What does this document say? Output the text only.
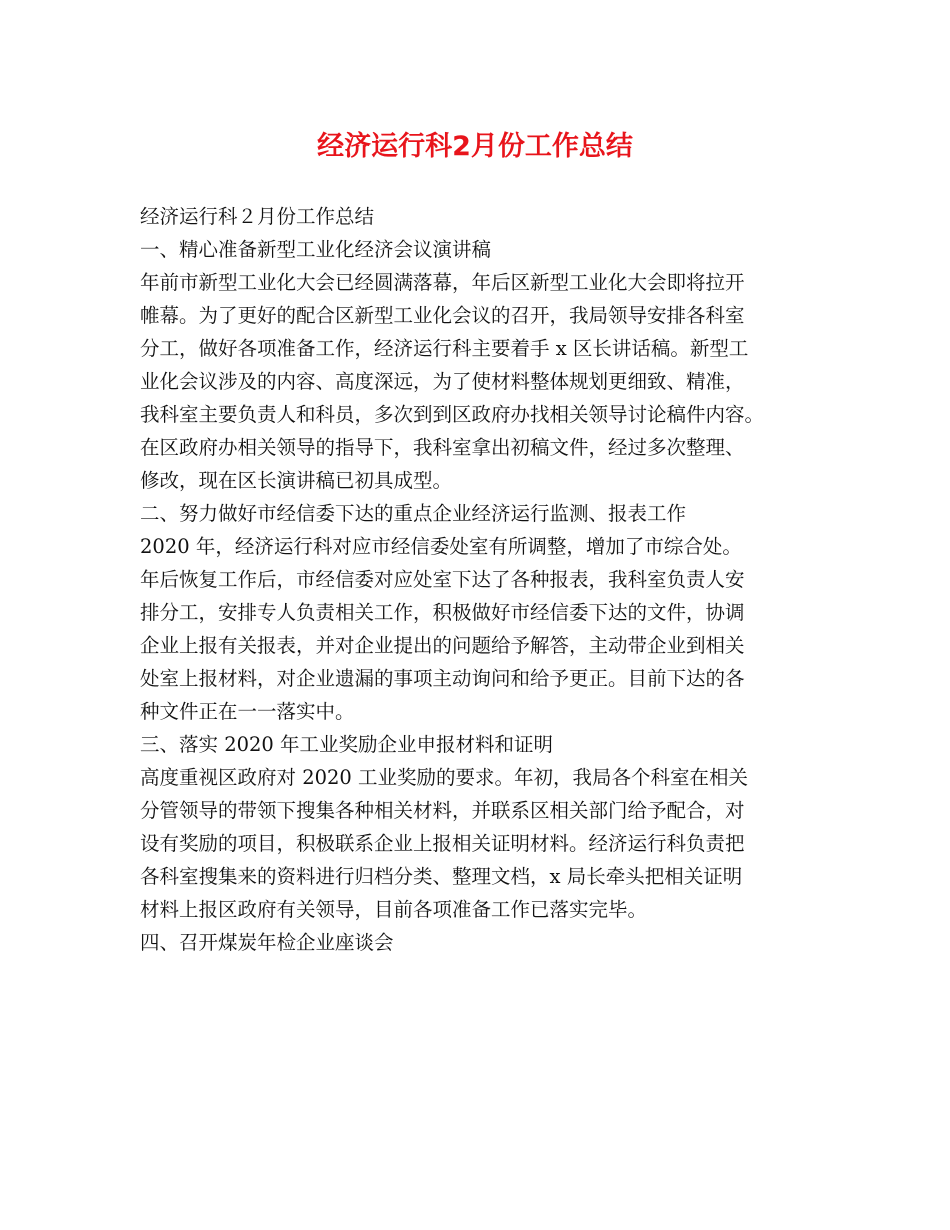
经济运行科2月份工作总结
经济运行科２月份工作总结
一、精心准备新型工业化经济会议演讲稿
年前市新型工业化大会已经圆满落幕，年后区新型工业化大会即将拉开
帷幕。为了更好的配合区新型工业化会议的召开，我局领导安排各科室
分工，做好各项准备工作，经济运行科主要着手 x 区长讲话稿。新型工
业化会议涉及的内容、高度深远，为了使材料整体规划更细致、精准，
我科室主要负责人和科员，多次到到区政府办找相关领导讨论稿件内容。
在区政府办相关领导的指导下，我科室拿出初稿文件，经过多次整理、
修改，现在区长演讲稿已初具成型。
二、努力做好市经信委下达的重点企业经济运行监测、报表工作
2020 年，经济运行科对应市经信委处室有所调整，增加了市综合处。
年后恢复工作后，市经信委对应处室下达了各种报表，我科室负责人安
排分工，安排专人负责相关工作，积极做好市经信委下达的文件，协调
企业上报有关报表，并对企业提出的问题给予解答，主动带企业到相关
处室上报材料，对企业遗漏的事项主动询问和给予更正。目前下达的各
种文件正在一一落实中。
三、落实 2020 年工业奖励企业申报材料和证明
高度重视区政府对 2020 工业奖励的要求。年初，我局各个科室在相关
分管领导的带领下搜集各种相关材料，并联系区相关部门给予配合，对
设有奖励的项目，积极联系企业上报相关证明材料。经济运行科负责把
各科室搜集来的资料进行归档分类、整理文档，x 局长牵头把相关证明
材料上报区政府有关领导，目前各项准备工作已落实完毕。
四、召开煤炭年检企业座谈会
